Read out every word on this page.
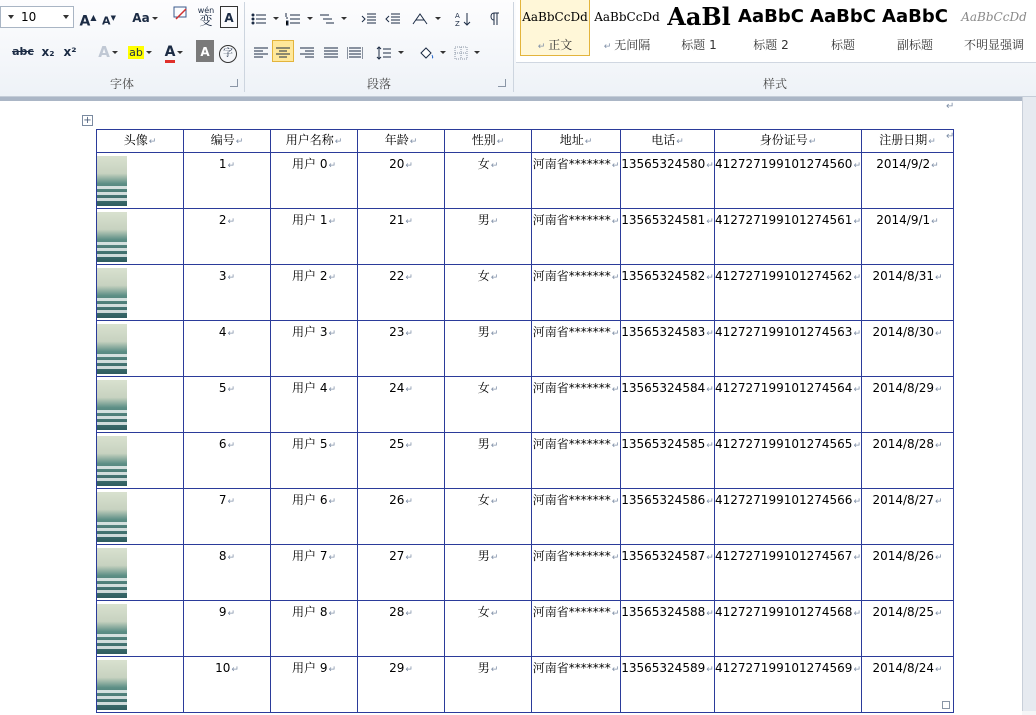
10	A▲ A▼ Aa
wén
变 A
abc x₂ x² A	ab	A	A	字
字体

A
Z

段落
AaBbCcDd
↵ 正文
AaBbCcDd
↵ 无间隔
AaBl
标题 1
AaBbC
标题 2
AaBbC
标题
AaBbC
副标题
AaBbCcDd
不明显强调
样式
↵
+
↵
头像 ↵	编号 ↵	用户名称 ↵	年龄 ↵	性别 ↵	地址 ↵	电话 ↵	身份证号 ↵	注册日期 ↵

	1 ↵	用户 0 ↵	20 ↵	女 ↵	河南省******* ↵	13565324580 ↵	412727199101274560 ↵	2014/9/2 ↵

	2 ↵	用户 1 ↵	21 ↵	男 ↵	河南省******* ↵	13565324581 ↵	412727199101274561 ↵	2014/9/1 ↵

	3 ↵	用户 2 ↵	22 ↵	女 ↵	河南省******* ↵	13565324582 ↵	412727199101274562 ↵	2014/8/31 ↵

	4 ↵	用户 3 ↵	23 ↵	男 ↵	河南省******* ↵	13565324583 ↵	412727199101274563 ↵	2014/8/30 ↵

	5 ↵	用户 4 ↵	24 ↵	女 ↵	河南省******* ↵	13565324584 ↵	412727199101274564 ↵	2014/8/29 ↵

	6 ↵	用户 5 ↵	25 ↵	男 ↵	河南省******* ↵	13565324585 ↵	412727199101274565 ↵	2014/8/28 ↵

	7 ↵	用户 6 ↵	26 ↵	女 ↵	河南省******* ↵	13565324586 ↵	412727199101274566 ↵	2014/8/27 ↵

	8 ↵	用户 7 ↵	27 ↵	男 ↵	河南省******* ↵	13565324587 ↵	412727199101274567 ↵	2014/8/26 ↵

	9 ↵	用户 8 ↵	28 ↵	女 ↵	河南省******* ↵	13565324588 ↵	412727199101274568 ↵	2014/8/25 ↵

	10 ↵	用户 9 ↵	29 ↵	男 ↵	河南省******* ↵	13565324589 ↵	412727199101274569 ↵	2014/8/24 ↵
